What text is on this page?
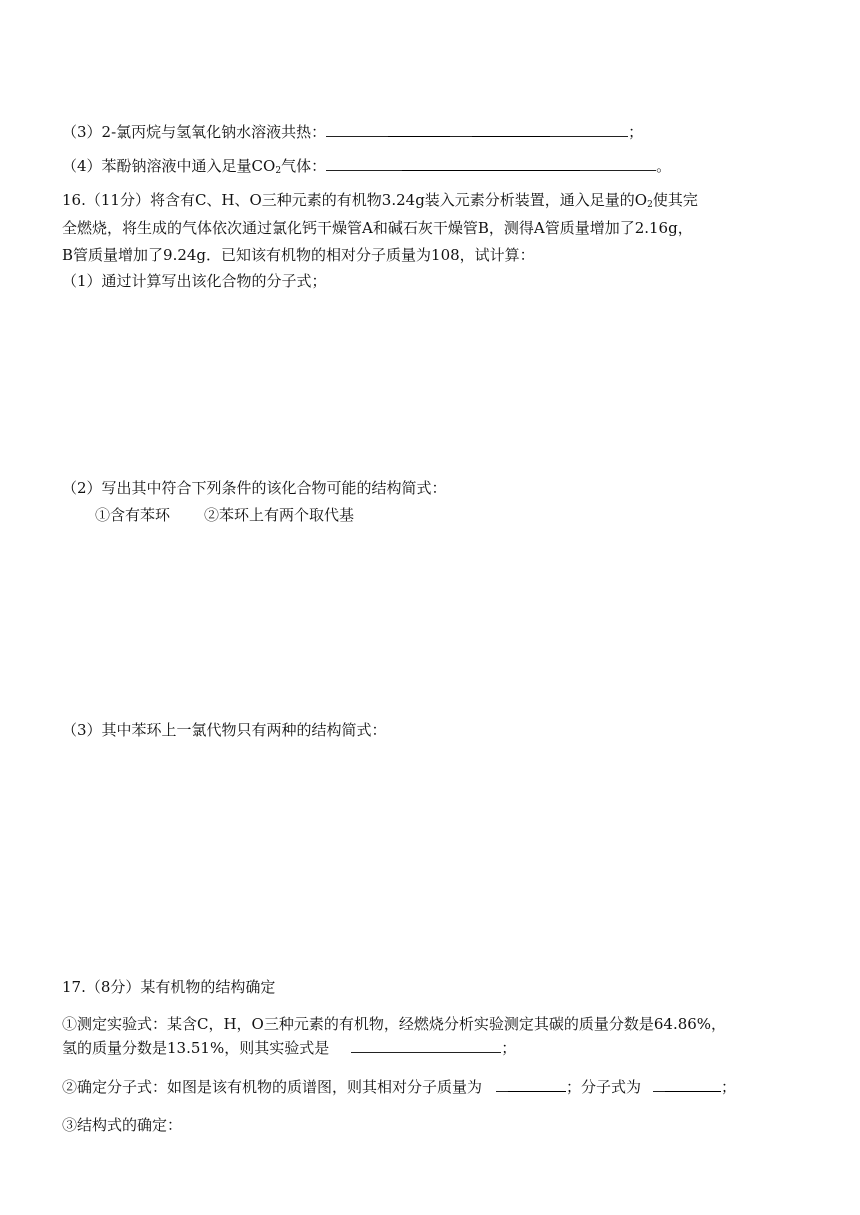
（3）2-氯丙烷与氢氧化钠水溶液共热：	；
（4）苯酚钠溶液中通入足量$CO_2$气体：	。
16.（11分）将含有C、H、O三种元素的有机物3.24g装入元素分析装置，通入足量的$O_2$使其完
全燃烧，将生成的气体依次通过氯化钙干燥管A和碱石灰干燥管B，测得A管质量增加了2.16g，
B管质量增加了9.24g．已知该有机物的相对分子质量为108，试计算：
（1）通过计算写出该化合物的分子式；
（2）写出其中符合下列条件的该化合物可能的结构简式：
①含有苯环 ②苯环上有两个取代基
（3）其中苯环上一氯代物只有两种的结构简式：
17.（8分）某有机物的结构确定
①测定实验式：某含C，H，O三种元素的有机物，经燃烧分析实验测定其碳的质量分数是64.86%，
氢的质量分数是13.51%，则其实验式是	；
②确定分子式：如图是该有机物的质谱图，则其相对分子质量为	；分子式为	；
③结构式的确定：
